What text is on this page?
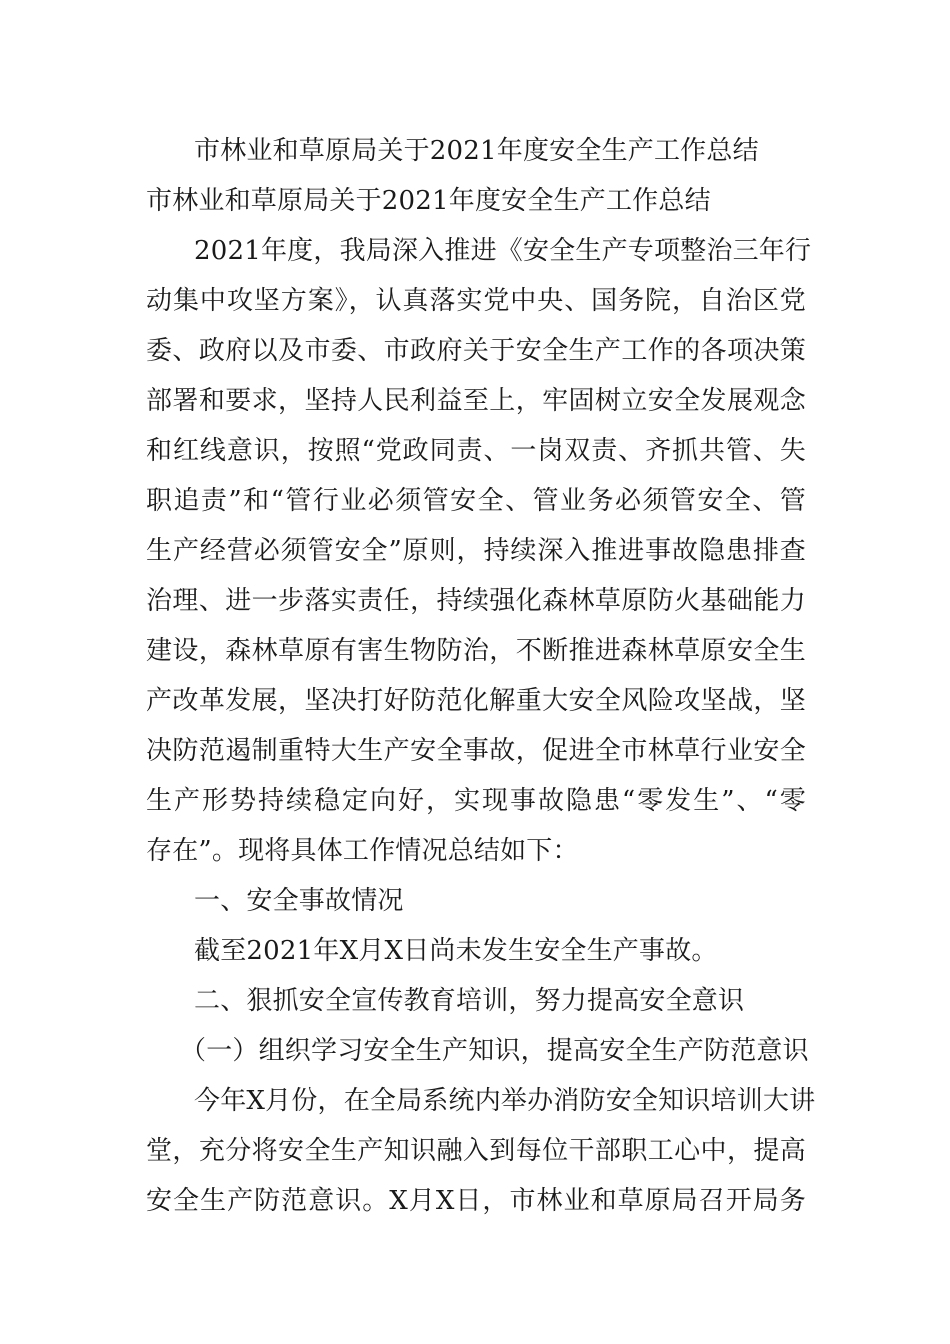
市林业和草原局关于2021年度安全生产工作总结
市林业和草原局关于2021年度安全生产工作总结
2021年度，我局深入推进《安全生产专项整治三年行
动集中攻坚方案》，认真落实党中央、国务院，自治区党
委、政府以及市委、市政府关于安全生产工作的各项决策
部署和要求，坚持人民利益至上，牢固树立安全发展观念
和红线意识，按照“党政同责、一岗双责、齐抓共管、失
职追责”和“管行业必须管安全、管业务必须管安全、管
生产经营必须管安全”原则，持续深入推进事故隐患排查
治理、进一步落实责任，持续强化森林草原防火基础能力
建设，森林草原有害生物防治，不断推进森林草原安全生
产改革发展，坚决打好防范化解重大安全风险攻坚战，坚
决防范遏制重特大生产安全事故，促进全市林草行业安全
生产形势持续稳定向好，实现事故隐患“零发生”、“零
存在”。现将具体工作情况总结如下：
一、安全事故情况
截至2021年X月X日尚未发生安全生产事故。
二、狠抓安全宣传教育培训，努力提高安全意识
（一）组织学习安全生产知识，提高安全生产防范意识
今年X月份，在全局系统内举办消防安全知识培训大讲
堂，充分将安全生产知识融入到每位干部职工心中，提高
安全生产防范意识。X月X日，市林业和草原局召开局务
